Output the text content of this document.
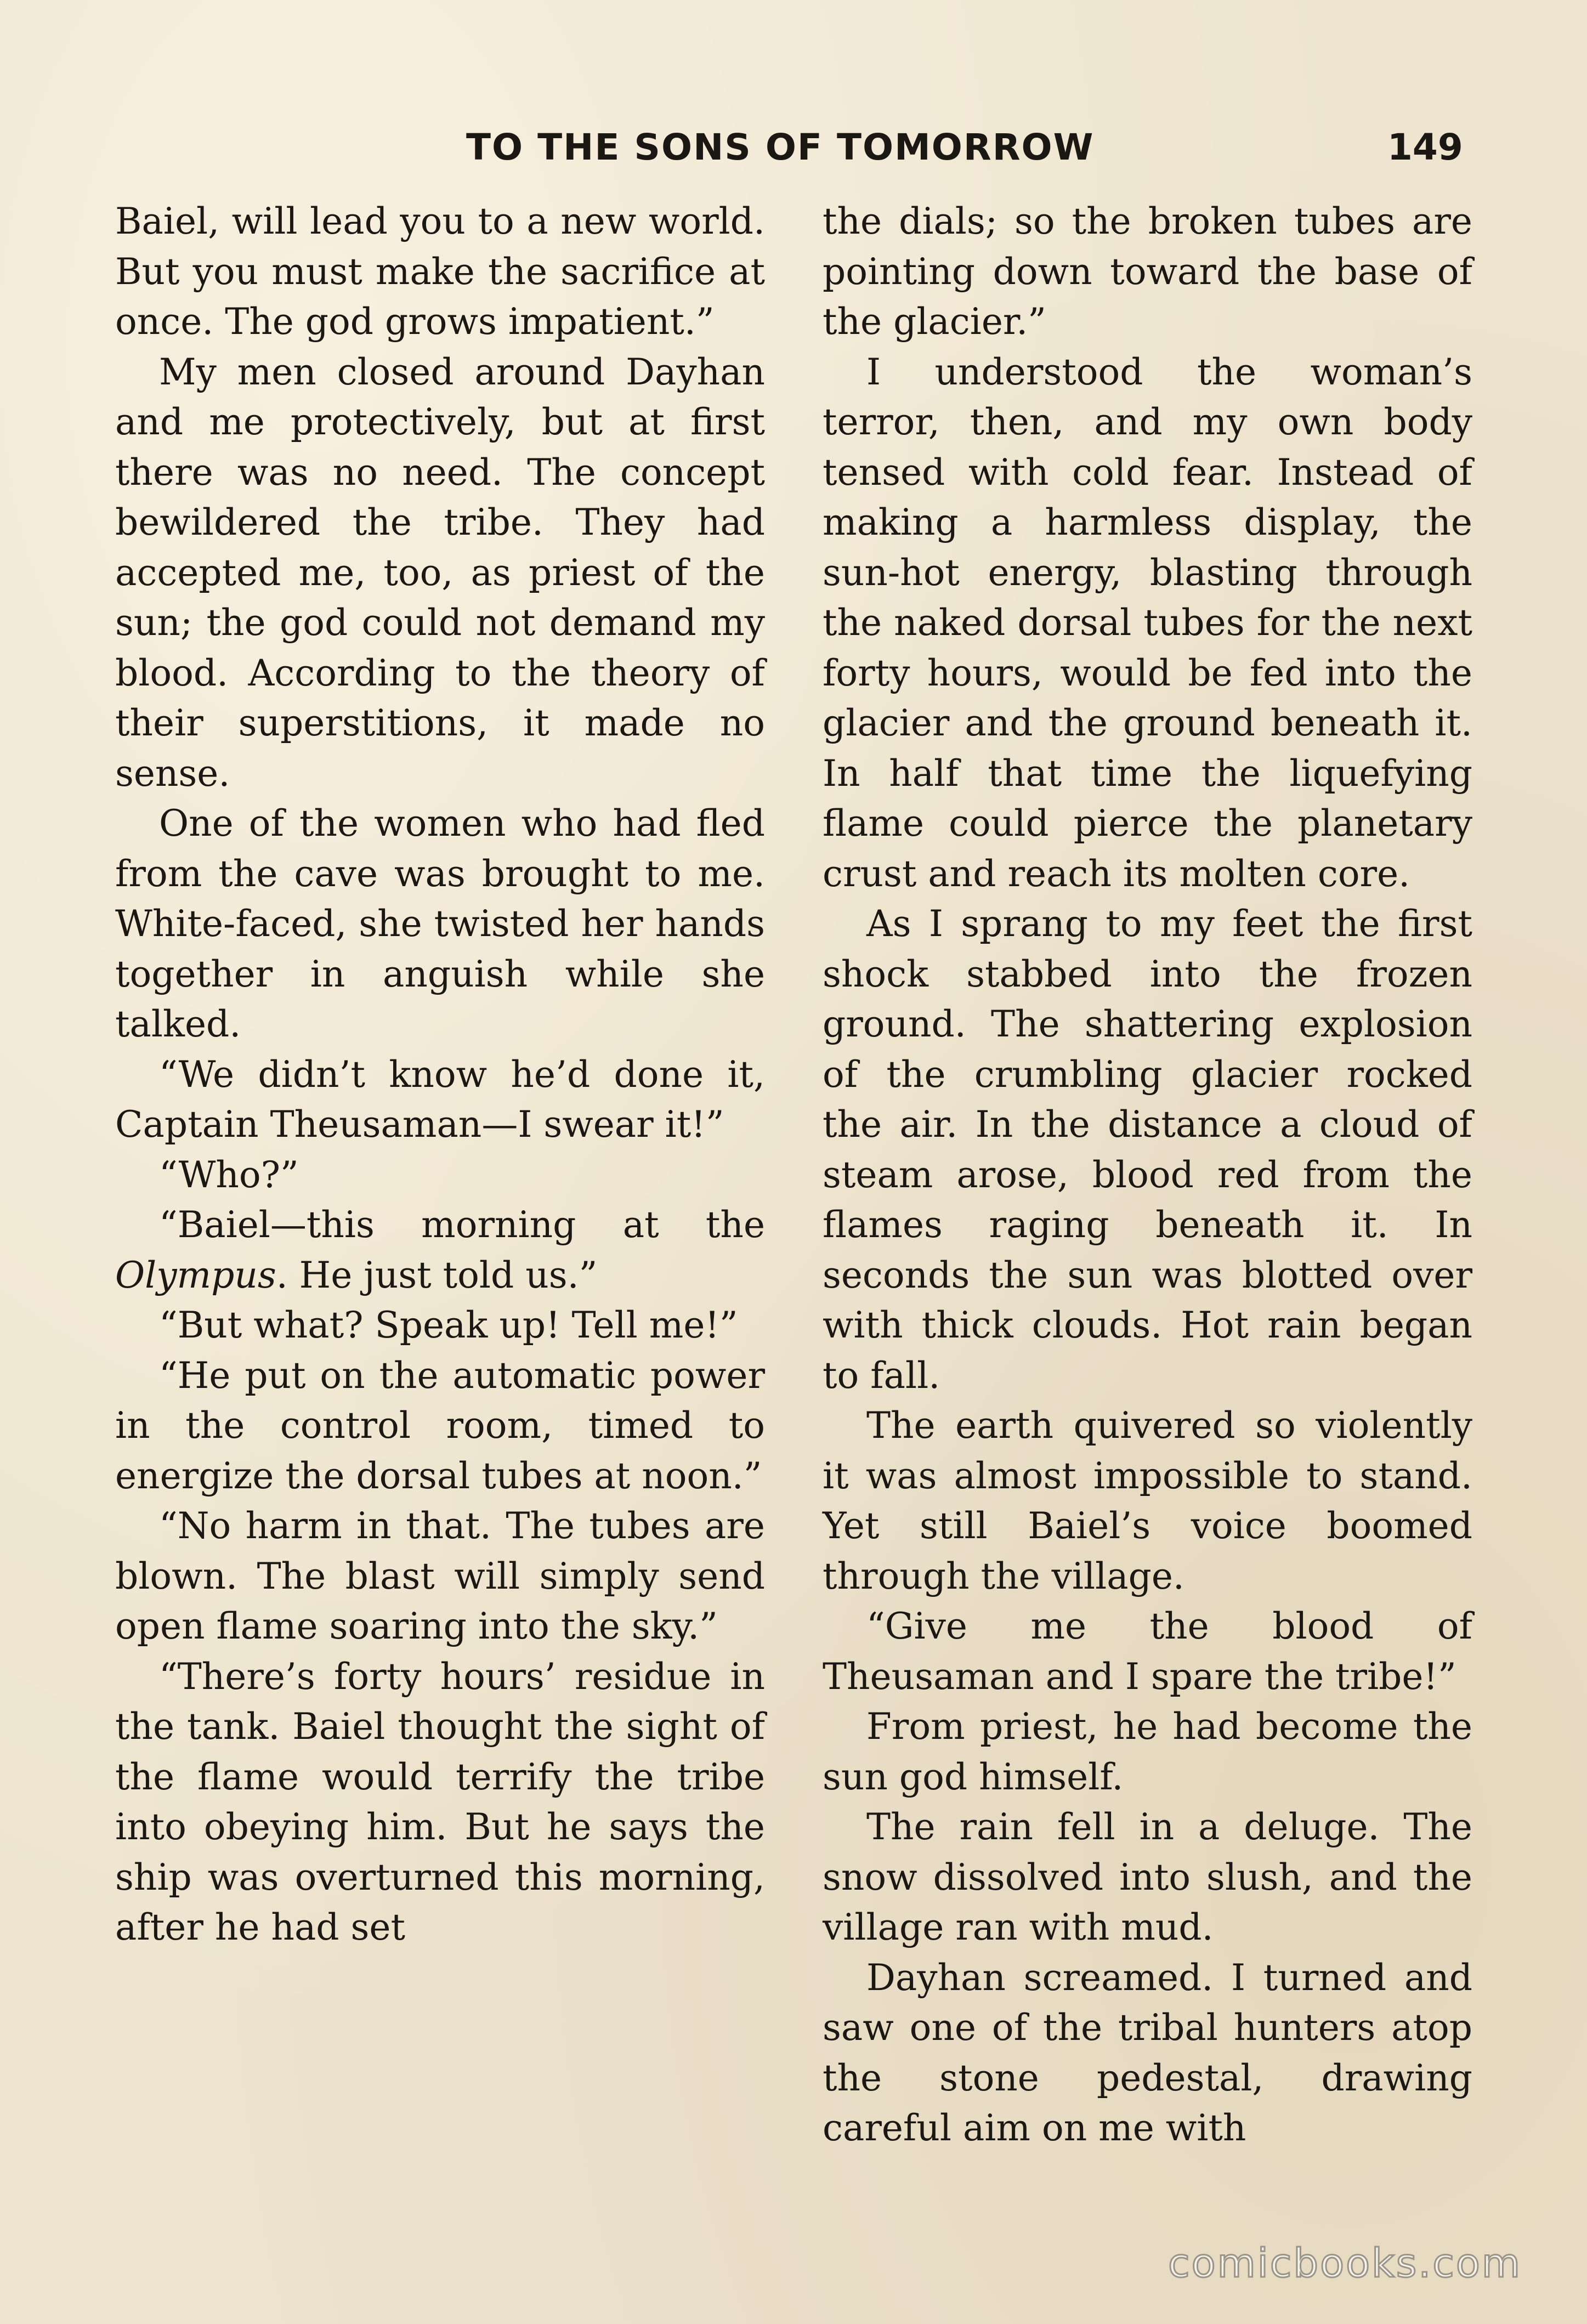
TO THE SONS OF TOMORROW	149

Baiel, will lead you to a new world. But you must make the sacrifice at once. The god grows impatient.”

My men closed around Dayhan and me protectively, but at first there was no need. The concept bewildered the tribe. They had accepted me, too, as priest of the sun; the god could not demand my blood. According to the theory of their superstitions, it made no sense.

One of the women who had fled from the cave was brought to me. White-faced, she twisted her hands together in anguish while she talked.

“We didn’t know he’d done it, Captain Theusaman—I swear it!”

“Who?”

“Baiel—this morning at the Olympus. He just told us.”

“But what? Speak up! Tell me!”

“He put on the automatic power in the control room, timed to energize the dorsal tubes at noon.”

“No harm in that. The tubes are blown. The blast will simply send open flame soaring into the sky.”

“There’s forty hours’ residue in the tank. Baiel thought the sight of the flame would terrify the tribe into obeying him. But he says the ship was overturned this morning, after he had set

the dials; so the broken tubes are pointing down toward the base of the glacier.”

I understood the woman’s terror, then, and my own body tensed with cold fear. Instead of making a harmless display, the sun-hot energy, blasting through the naked dorsal tubes for the next forty hours, would be fed into the glacier and the ground beneath it. In half that time the liquefying flame could pierce the planetary crust and reach its molten core.

As I sprang to my feet the first shock stabbed into the frozen ground. The shattering explosion of the crumbling glacier rocked the air. In the distance a cloud of steam arose, blood red from the flames raging beneath it. In seconds the sun was blotted over with thick clouds. Hot rain began to fall.

The earth quivered so violently it was almost impossible to stand. Yet still Baiel’s voice boomed through the village.

“Give me the blood of Theusaman and I spare the tribe!”

From priest, he had become the sun god himself.

The rain fell in a deluge. The snow dissolved into slush, and the village ran with mud.

Dayhan screamed. I turned and saw one of the tribal hunters atop the stone pedestal, drawing careful aim on me with

comicbooks.com
